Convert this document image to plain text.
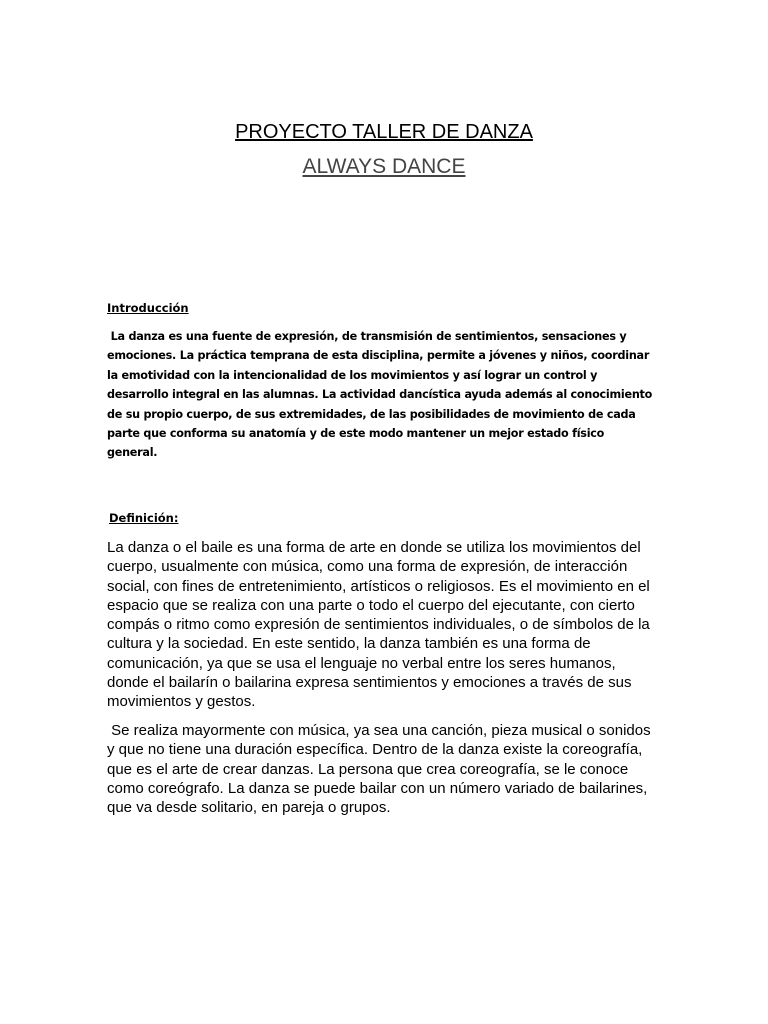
PROYECTO TALLER DE DANZA
ALWAYS DANCE
Introducción

La danza es una fuente de expresión, de transmisión de sentimientos, sensaciones y emociones. La práctica temprana de esta disciplina, permite a jóvenes y niños, coordinar la emotividad con la intencionalidad de los movimientos y así lograr un control y desarrollo integral en las alumnas. La actividad dancística ayuda además al conocimiento de su propio cuerpo, de sus extremidades, de las posibilidades de movimiento de cada parte que conforma su anatomía y de este modo mantener un mejor estado físico general.

Definición:

La danza o el baile es una forma de arte en donde se utiliza los movimientos del cuerpo, usualmente con música, como una forma de expresión, de interacción social, con fines de entretenimiento, artísticos o religiosos. Es el movimiento en el espacio que se realiza con una parte o todo el cuerpo del ejecutante, con cierto compás o ritmo como expresión de sentimientos individuales, o de símbolos de la cultura y la sociedad. En este sentido, la danza también es una forma de comunicación, ya que se usa el lenguaje no verbal entre los seres humanos, donde el bailarín o bailarina expresa sentimientos y emociones a través de sus movimientos y gestos.

Se realiza mayormente con música, ya sea una canción, pieza musical o sonidos y que no tiene una duración específica. Dentro de la danza existe la coreografía, que es el arte de crear danzas. La persona que crea coreografía, se le conoce como coreógrafo. La danza se puede bailar con un número variado de bailarines, que va desde solitario, en pareja o grupos.
